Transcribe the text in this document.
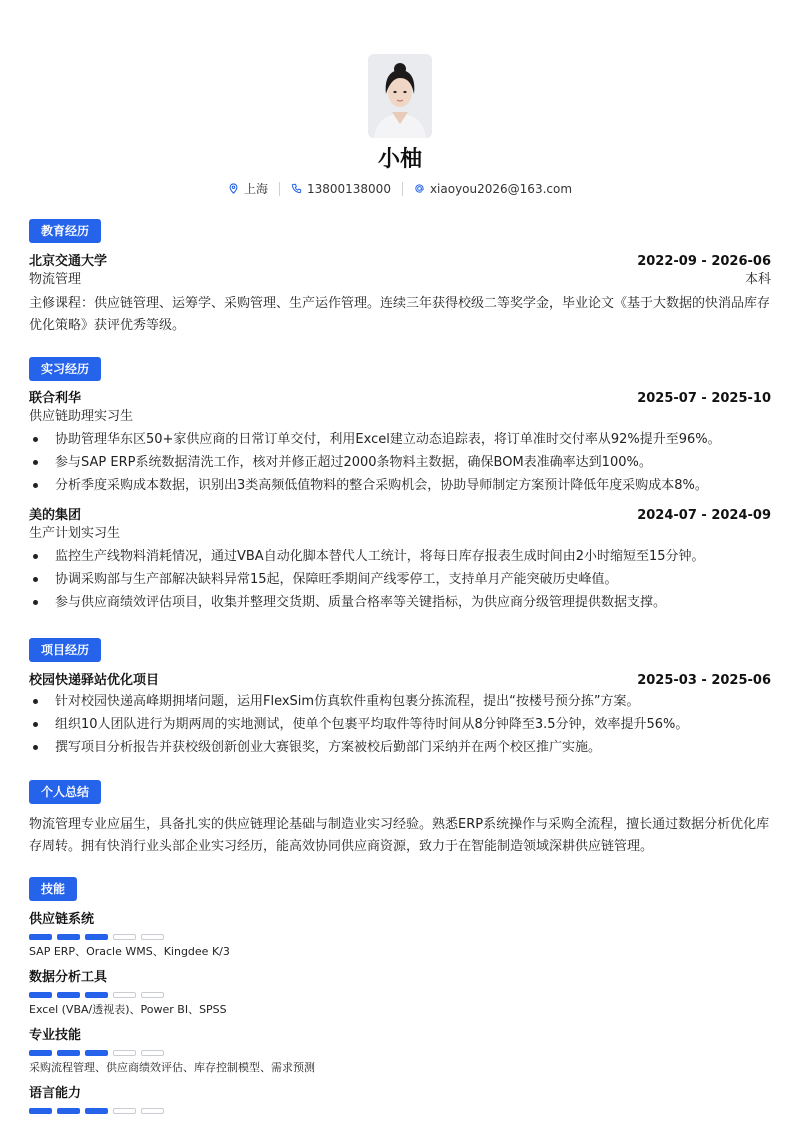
小柚
上海	13800138000	xiaoyou2026@163.com
教育经历
北京交通大学	2022-09 - 2026-06
物流管理	本科
主修课程：供应链管理、运筹学、采购管理、生产运作管理。连续三年获得校级二等奖学金，毕业论文《基于大数据的快消品库存优化策略》获评优秀等级。
实习经历
联合利华	2025-07 - 2025-10
供应链助理实习生
协助管理华东区50+家供应商的日常订单交付，利用Excel建立动态追踪表，将订单准时交付率从92%提升至96%。
参与SAP ERP系统数据清洗工作，核对并修正超过2000条物料主数据，确保BOM表准确率达到100%。
分析季度采购成本数据，识别出3类高频低值物料的整合采购机会，协助导师制定方案预计降低年度采购成本8%。
美的集团	2024-07 - 2024-09
生产计划实习生
监控生产线物料消耗情况，通过VBA自动化脚本替代人工统计，将每日库存报表生成时间由2小时缩短至15分钟。
协调采购部与生产部解决缺料异常15起，保障旺季期间产线零停工，支持单月产能突破历史峰值。
参与供应商绩效评估项目，收集并整理交货期、质量合格率等关键指标，为供应商分级管理提供数据支撑。
项目经历
校园快递驿站优化项目	2025-03 - 2025-06
针对校园快递高峰期拥堵问题，运用FlexSim仿真软件重构包裹分拣流程，提出“按楼号预分拣”方案。
组织10人团队进行为期两周的实地测试，使单个包裹平均取件等待时间从8分钟降至3.5分钟，效率提升56%。
撰写项目分析报告并获校级创新创业大赛银奖，方案被校后勤部门采纳并在两个校区推广实施。
个人总结
物流管理专业应届生，具备扎实的供应链理论基础与制造业实习经验。熟悉ERP系统操作与采购全流程，擅长通过数据分析优化库存周转。拥有快消行业头部企业实习经历，能高效协同供应商资源，致力于在智能制造领域深耕供应链管理。
技能
供应链系统
SAP ERP、Oracle WMS、Kingdee K/3
数据分析工具
Excel (VBA/透视表)、Power BI、SPSS
专业技能
采购流程管理、供应商绩效评估、库存控制模型、需求预测
语言能力
